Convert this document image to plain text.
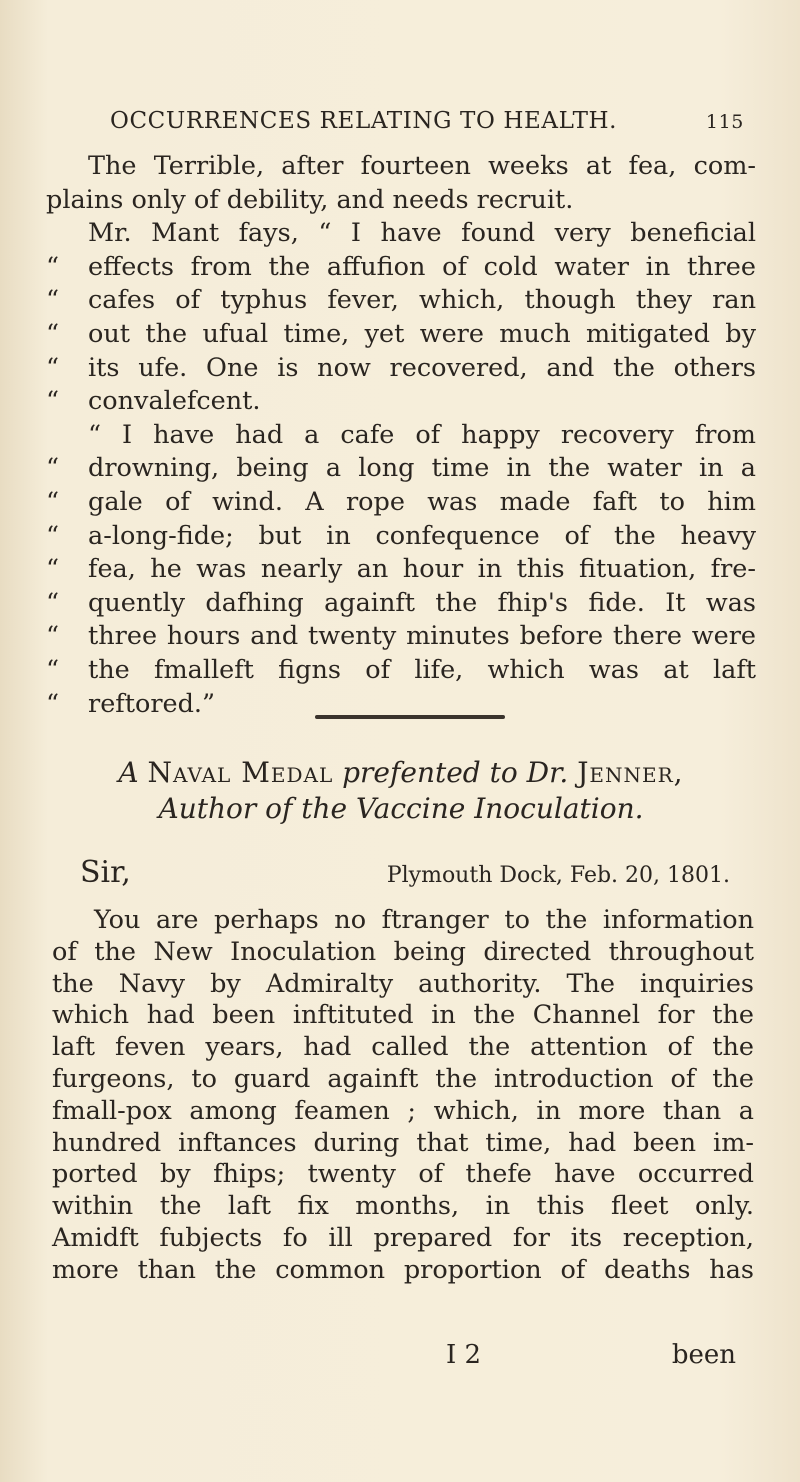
OCCURRENCES RELATING TO HEALTH.	115

The Terrible, after fourteen weeks at fea, com-
plains only of debility, and needs recruit.

Mr. Mant fays, “ I have found very beneficial
“ effects from the affufion of cold water in three
“ cafes of typhus fever, which, though they ran
“ out the ufual time, yet were much mitigated by
“ its ufe. One is now recovered, and the others
“ convalefcent.

“ I have had a cafe of happy recovery from
“ drowning, being a long time in the water in a
“ gale of wind. A rope was made faft to him
“ a-long-fide; but in confequence of the heavy
“ fea, he was nearly an hour in this fituation, fre-
“ quently dafhing againft the fhip's fide. It was
“ three hours and twenty minutes before there were
“ the fmalleft figns of life, which was at laft
“ reftored.”

A Naval Medal prefented to Dr. Jenner,
Author of the Vaccine Inoculation.
Sir,	Plymouth Dock, Feb. 20, 1801.
You are perhaps no ftranger to the information
of the New Inoculation being directed throughout
the Navy by Admiralty authority. The inquiries
which had been inftituted in the Channel for the
laft feven years, had called the attention of the
furgeons, to guard againft the introduction of the
fmall-pox among feamen ; which, in more than a
hundred inftances during that time, had been im-
ported by fhips; twenty of thefe have occurred
within the laft fix months, in this fleet only.
Amidft fubjects fo ill prepared for its reception,
more than the common proportion of deaths has
I 2	been
